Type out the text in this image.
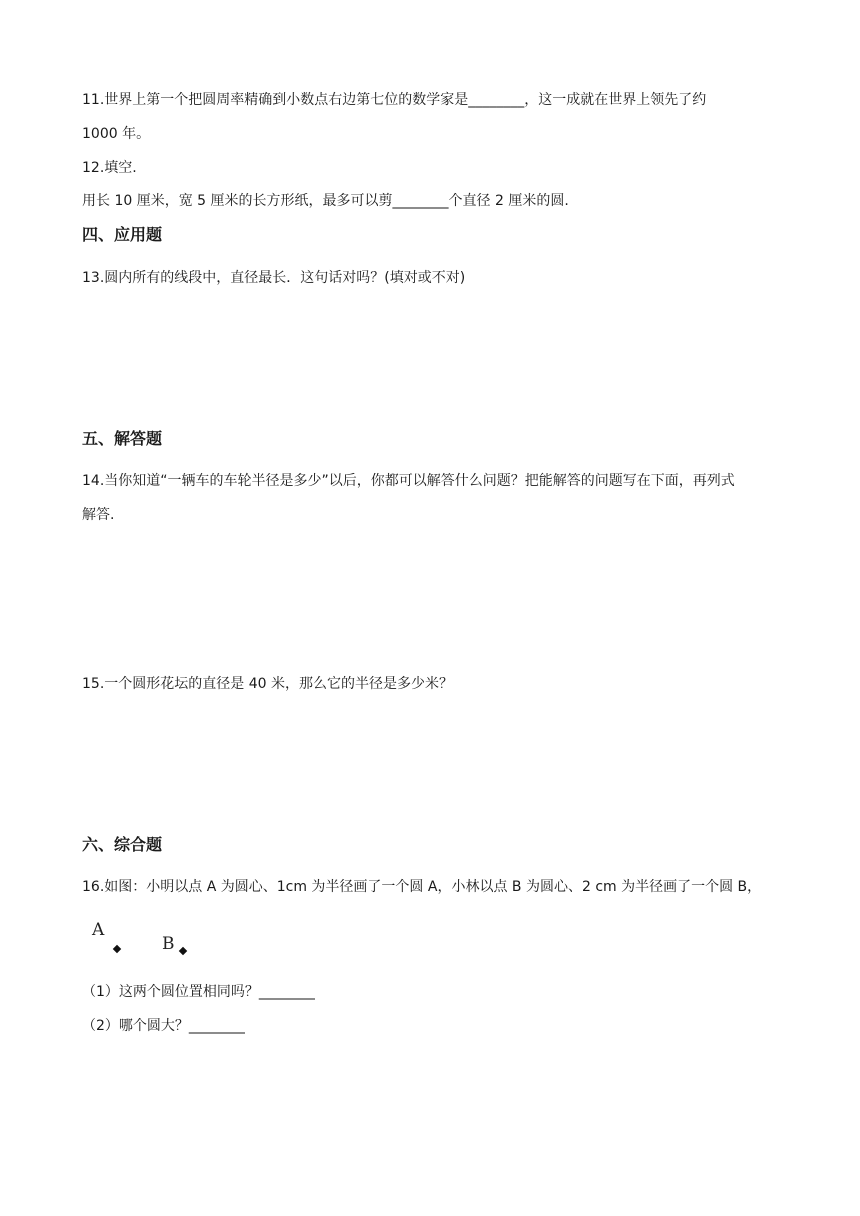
11.世界上第一个把圆周率精确到小数点右边第七位的数学家是________，这一成就在世界上领先了约
1000 年。
12.填空.
用长 10 厘米，宽 5 厘米的长方形纸，最多可以剪________个直径 2 厘米的圆.
四、应用题
13.圆内所有的线段中，直径最长．这句话对吗？(填对或不对)
五、解答题
14.当你知道“一辆车的车轮半径是多少”以后，你都可以解答什么问题？把能解答的问题写在下面，再列式
解答.
15.一个圆形花坛的直径是 40 米，那么它的半径是多少米？
六、综合题
16.如图：小明以点 A 为圆心、1cm 为半径画了一个圆 A，小林以点 B 为圆心、2 cm 为半径画了一个圆 B，
A
B
（1）这两个圆位置相同吗？________
（2）哪个圆大？________
